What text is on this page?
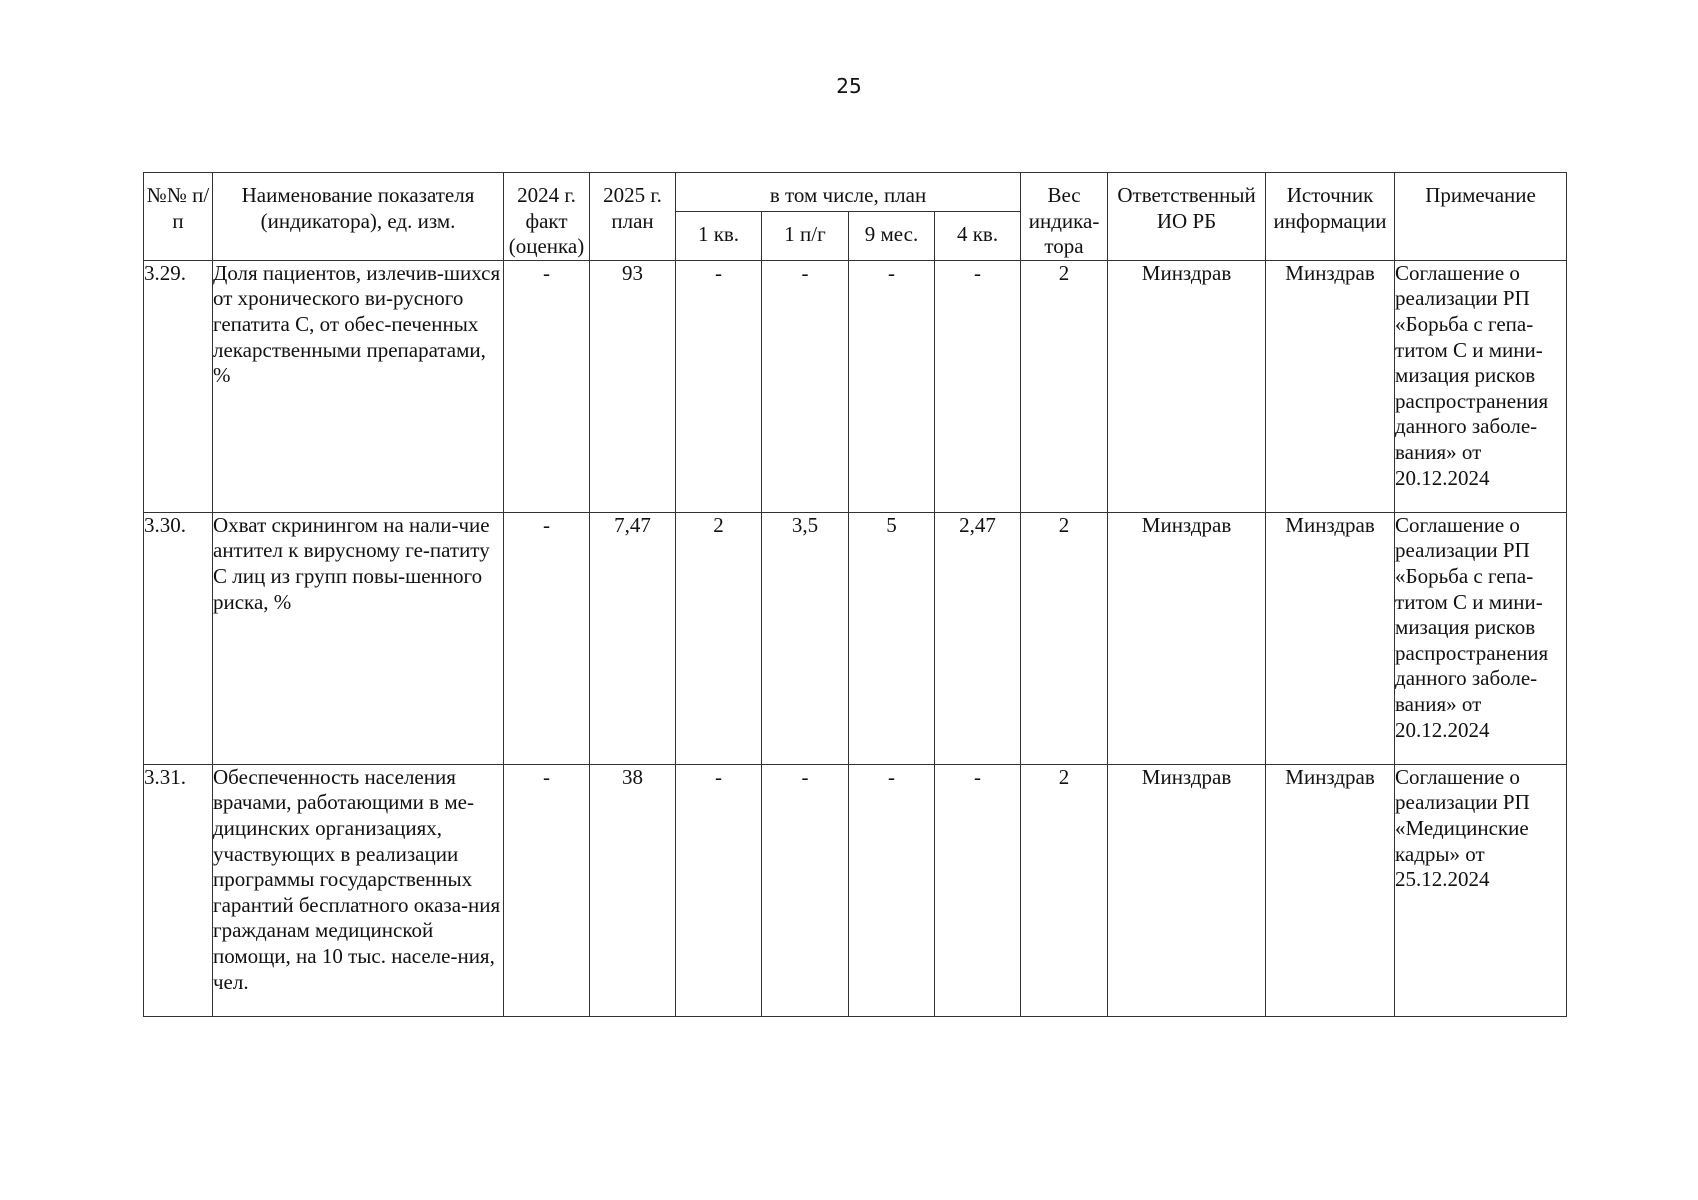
25
№№ п/п	Наименование показателя (индикатора), ед. изм.	2024 г. факт (оценка)	2025 г. план	в том числе, план				Вес индика-тора	Ответственный ИО РБ	Источник информации	Примечание
				1 кв.	1 п/г	9 мес.	4 кв.				
3.29.	Доля пациентов, излечив-шихся от хронического ви-русного гепатита С, от обес-печенных лекарственными препаратами, %	-	93	-	-	-	-	2	Минздрав	Минздрав	Соглашение о реализации РП «Борьба с гепа-титом С и мини-мизация рисков распространения данного заболе-вания» от 20.12.2024
3.30.	Охват скринингом на нали-чие антител к вирусному ге-патиту С лиц из групп повы-шенного риска, %	-	7,47	2	3,5	5	2,47	2	Минздрав	Минздрав	Соглашение о реализации РП «Борьба с гепа-титом С и мини-мизация рисков распространения данного заболе-вания» от 20.12.2024
3.31.	Обеспеченность населения врачами, работающими в ме-дицинских организациях, участвующих в реализации программы государственных гарантий бесплатного оказа-ния гражданам медицинской помощи, на 10 тыс. населе-ния, чел.	-	38	-	-	-	-	2	Минздрав	Минздрав	Соглашение о реализации РП «Медицинские кадры» от 25.12.2024
